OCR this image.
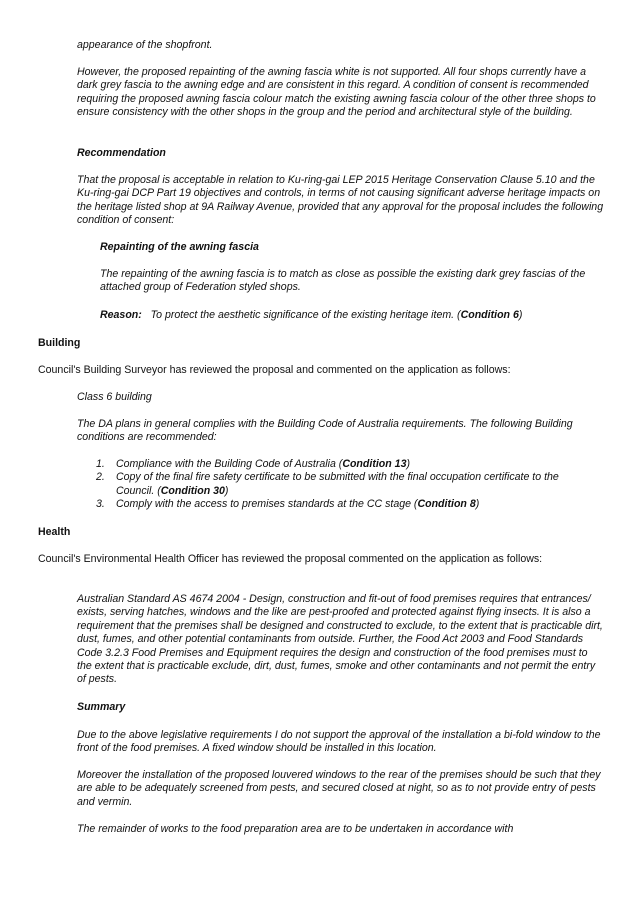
appearance of the shopfront.

However, the proposed repainting of the awning fascia white is not supported. All four shops currently have a dark grey fascia to the awning edge and are consistent in this regard. A condition of consent is recommended requiring the proposed awning fascia colour match the existing awning fascia colour of the other three shops to ensure consistency with the other shops in the group and the period and architectural style of the building.

Recommendation

That the proposal is acceptable in relation to Ku-ring-gai LEP 2015 Heritage Conservation Clause 5.10 and the Ku-ring-gai DCP Part 19 objectives and controls, in terms of not causing significant adverse heritage impacts on the heritage listed shop at 9A Railway Avenue, provided that any approval for the proposal includes the following condition of consent:

Repainting of the awning fascia

The repainting of the awning fascia is to match as close as possible the existing dark grey fascias of the attached group of Federation styled shops.

Reason: To protect the aesthetic significance of the existing heritage item. (Condition 6)

Building

Council's Building Surveyor has reviewed the proposal and commented on the application as follows:

Class 6 building

The DA plans in general complies with the Building Code of Australia requirements. The following Building conditions are recommended:

1. Compliance with the Building Code of Australia (Condition 13)
2. Copy of the final fire safety certificate to be submitted with the final occupation certificate to the Council. (Condition 30)
3. Comply with the access to premises standards at the CC stage (Condition 8)

Health

Council's Environmental Health Officer has reviewed the proposal commented on the application as follows:

Australian Standard AS 4674 2004 - Design, construction and fit-out of food premises requires that entrances/ exists, serving hatches, windows and the like are pest-proofed and protected against flying insects. It is also a requirement that the premises shall be designed and constructed to exclude, to the extent that is practicable dirt, dust, fumes, and other potential contaminants from outside. Further, the Food Act 2003 and Food Standards Code 3.2.3 Food Premises and Equipment requires the design and construction of the food premises must to the extent that is practicable exclude, dirt, dust, fumes, smoke and other contaminants and not permit the entry of pests.

Summary

Due to the above legislative requirements I do not support the approval of the installation a bi-fold window to the front of the food premises. A fixed window should be installed in this location.

Moreover the installation of the proposed louvered windows to the rear of the premises should be such that they are able to be adequately screened from pests, and secured closed at night, so as to not provide entry of pests and vermin.

The remainder of works to the food preparation area are to be undertaken in accordance with
